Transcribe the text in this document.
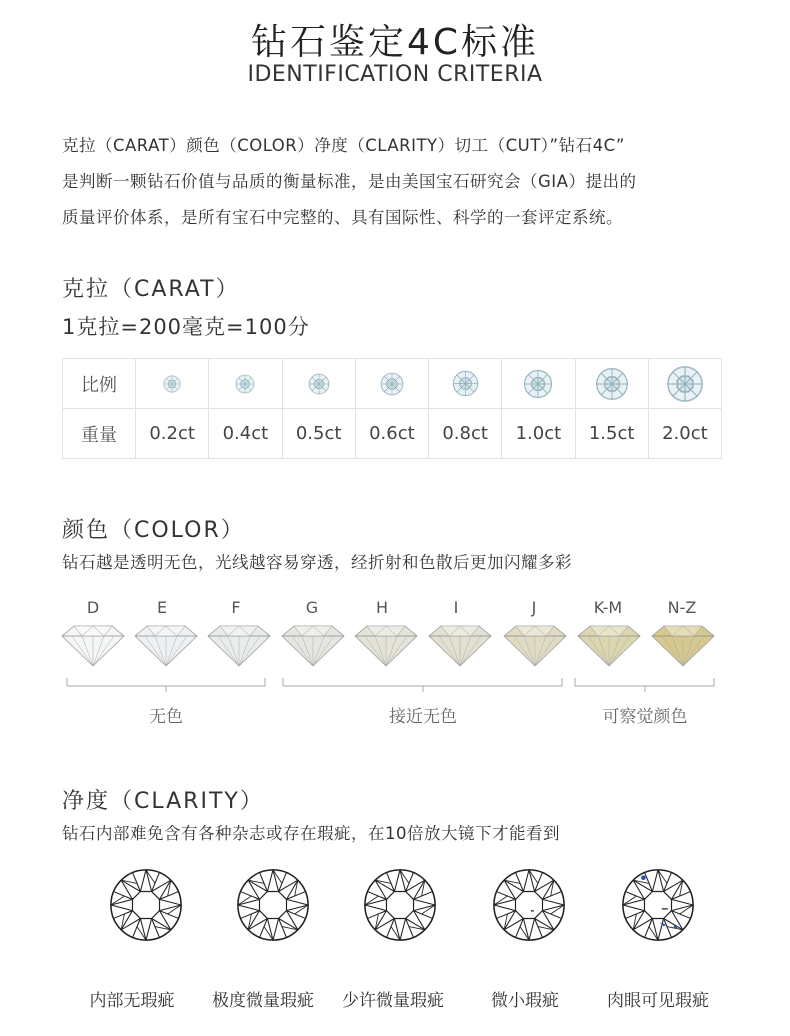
钻石鉴定4C标准
IDENTIFICATION CRITERIA

克拉（CARAT）颜色（COLOR）净度（CLARITY）切工（CUT）”钻石4C”

是判断一颗钻石价值与品质的衡量标准，是由美国宝石研究会（GIA）提出的

质量评价体系，是所有宝石中完整的、具有国际性、科学的一套评定系统。

克拉（CARAT）
1克拉=200毫克=100分
比例	

重量	0.2ct	0.4ct	0.5ct	0.6ct	0.8ct	1.0ct	1.5ct	2.0ct
颜色（COLOR）
钻石越是透明无色，光线越容易穿透，经折射和色散后更加闪耀多彩
D	E	F	G	H	I	J	K-M	N-Z
无色	接近无色	可察觉颜色
净度（CLARITY）
钻石内部难免含有各种杂志或存在瑕疵，在10倍放大镜下才能看到
FL-IF	WS1	WS2	VS1	VS2	SI1	SI2	I1	I2	I3
内部无瑕疵	极度微量瑕疵	少许微量瑕疵	微小瑕疵	肉眼可见瑕疵
